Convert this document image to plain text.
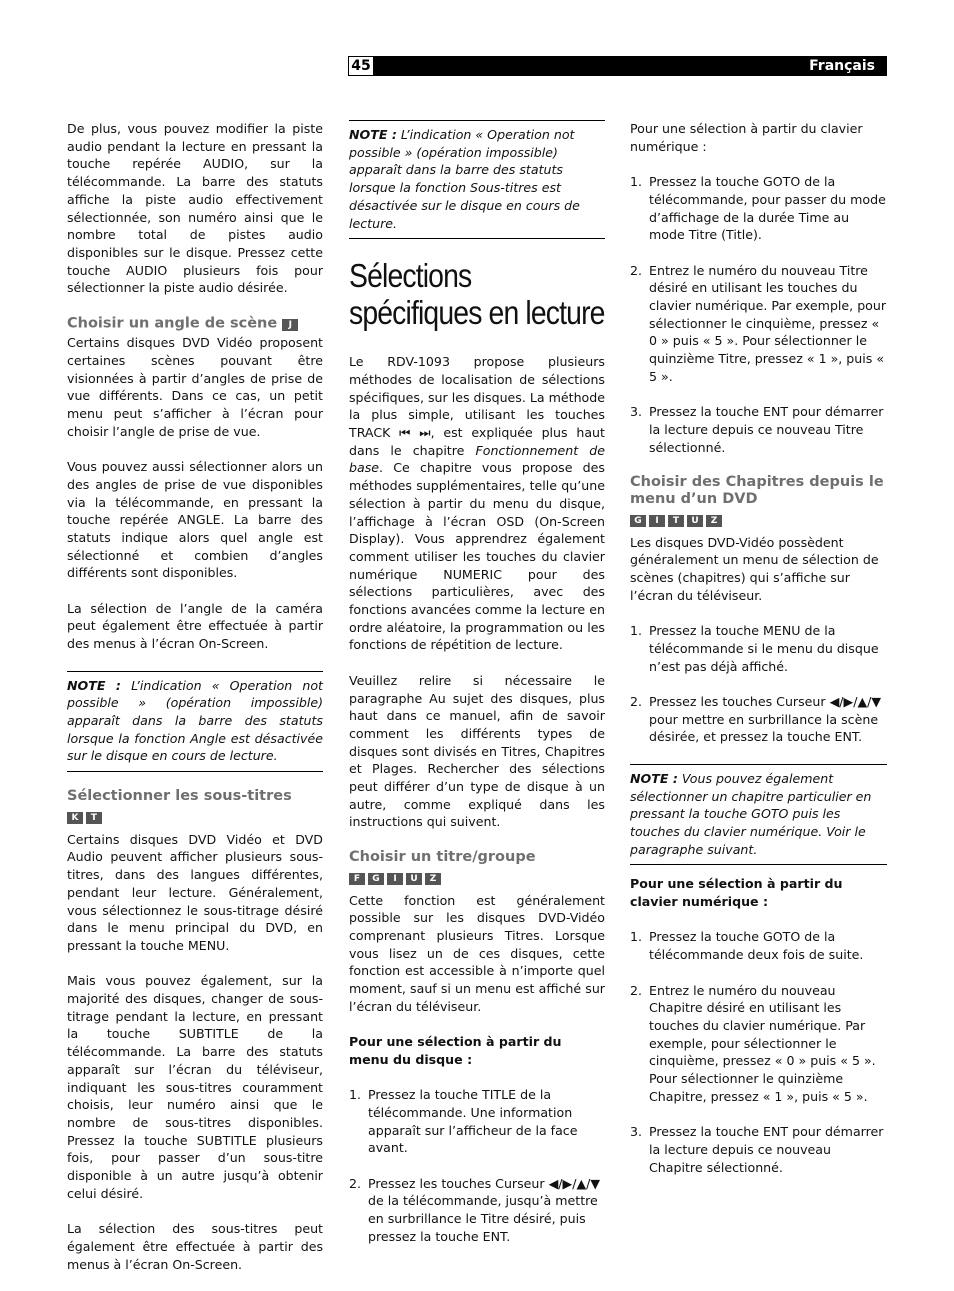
45	Français

De plus, vous pouvez modifier la piste audio pendant la lecture en pressant la touche repérée AUDIO, sur la télécommande. La barre des statuts affiche la piste audio effectivement sélectionnée, son numéro ainsi que le nombre total de pistes audio disponibles sur le disque. Pressez cette touche AUDIO plusieurs fois pour sélectionner la piste audio désirée.

Choisir un angle de scène J

Certains disques DVD Vidéo proposent certaines scènes pouvant être visionnées à partir d’angles de prise de vue différents. Dans ce cas, un petit menu peut s’afficher à l’écran pour choisir l’angle de prise de vue.

Vous pouvez aussi sélectionner alors un des angles de prise de vue disponibles via la télécommande, en pressant la touche repérée ANGLE. La barre des statuts indique alors quel angle est sélectionné et combien d’angles différents sont disponibles.

La sélection de l’angle de la caméra peut également être effectuée à partir des menus à l’écran On-Screen.

NOTE : L’indication « Operation not possible » (opération impossible) apparaît dans la barre des statuts lorsque la fonction Angle est désactivée sur le disque en cours de lecture.
Sélectionner les sous-titres
K T

Certains disques DVD Vidéo et DVD Audio peuvent afficher plusieurs sous-titres, dans des langues différentes, pendant leur lecture. Généralement, vous sélectionnez le sous-titrage désiré dans le menu principal du DVD, en pressant la touche MENU.

Mais vous pouvez également, sur la majorité des disques, changer de sous-titrage pendant la lecture, en pressant la touche SUBTITLE de la télécommande. La barre des statuts apparaît sur l’écran du téléviseur, indiquant les sous-titres couramment choisis, leur numéro ainsi que le nombre de sous-titres disponibles. Pressez la touche SUBTITLE plusieurs fois, pour passer d’un sous-titre disponible à un autre jusqu’à obtenir celui désiré.

La sélection des sous-titres peut également être effectuée à partir des menus à l’écran On-Screen.

NOTE : L’indication « Operation not possible » (opération impossible) apparaît dans la barre des statuts lorsque la fonction Sous-titres est désactivée sur le disque en cours de lecture.
Sélections spécifiques en lecture

Le RDV-1093 propose plusieurs méthodes de localisation de sélections spécifiques, sur les disques. La méthode la plus simple, utilisant les touches TRACK ⏮ ⏭, est expliquée plus haut dans le chapitre Fonctionnement de base. Ce chapitre vous propose des méthodes supplémentaires, telle qu’une sélection à partir du menu du disque, l’affichage à l’écran OSD (On-Screen Display). Vous apprendrez également comment utiliser les touches du clavier numérique NUMERIC pour des sélections particulières, avec des fonctions avancées comme la lecture en ordre aléatoire, la programmation ou les fonctions de répétition de lecture.

Veuillez relire si nécessaire le paragraphe Au sujet des disques, plus haut dans ce manuel, afin de savoir comment les différents types de disques sont divisés en Titres, Chapitres et Plages. Rechercher des sélections peut différer d’un type de disque à un autre, comme expliqué dans les instructions qui suivent.

Choisir un titre/groupe
F G I U Z

Cette fonction est généralement possible sur les disques DVD-Vidéo comprenant plusieurs Titres. Lorsque vous lisez un de ces disques, cette fonction est accessible à n’importe quel moment, sauf si un menu est affiché sur l’écran du téléviseur.

Pour une sélection à partir du menu du disque :

1. Pressez la touche TITLE de la télécommande. Une information apparaît sur l’afficheur de la face avant.
2. Pressez les touches Curseur ◀/▶/▲/▼ de la télécommande, jusqu’à mettre en surbrillance le Titre désiré, puis pressez la touche ENT.

Pour une sélection à partir du clavier numérique :

1. Pressez la touche GOTO de la télécommande, pour passer du mode d’affichage de la durée Time au mode Titre (Title).
2. Entrez le numéro du nouveau Titre désiré en utilisant les touches du clavier numérique. Par exemple, pour sélectionner le cinquième, pressez « 0 » puis « 5 ». Pour sélectionner le quinzième Titre, pressez « 1 », puis « 5 ».
3. Pressez la touche ENT pour démarrer la lecture depuis ce nouveau Titre sélectionné.
Choisir des Chapitres depuis le menu d’un DVD
G I T U Z

Les disques DVD-Vidéo possèdent généralement un menu de sélection de scènes (chapitres) qui s’affiche sur l’écran du téléviseur.

1. Pressez la touche MENU de la télécommande si le menu du disque n’est pas déjà affiché.
2. Pressez les touches Curseur ◀/▶/▲/▼ pour mettre en surbrillance la scène désirée, et pressez la touche ENT.
NOTE : Vous pouvez également sélectionner un chapitre particulier en pressant la touche GOTO puis les touches du clavier numérique. Voir le paragraphe suivant.

Pour une sélection à partir du clavier numérique :

1. Pressez la touche GOTO de la télécommande deux fois de suite.
2. Entrez le numéro du nouveau Chapitre désiré en utilisant les touches du clavier numérique. Par exemple, pour sélectionner le cinquième, pressez « 0 » puis « 5 ». Pour sélectionner le quinzième Chapitre, pressez « 1 », puis « 5 ».
3. Pressez la touche ENT pour démarrer la lecture depuis ce nouveau Chapitre sélectionné.
